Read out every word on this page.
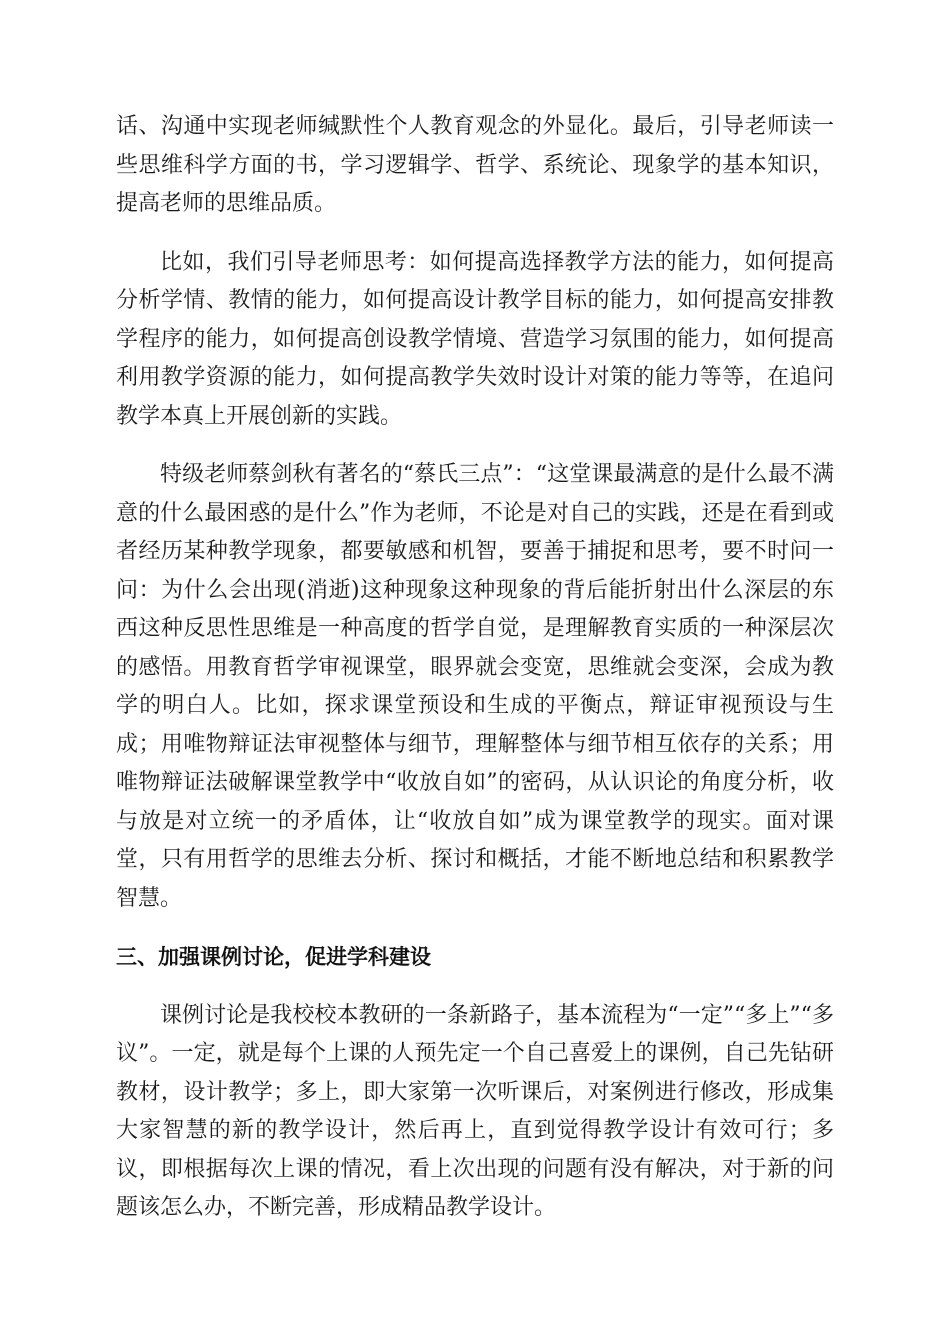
话、沟通中实现老师缄默性个人教育观念的外显化。最后，引导老师读一些思维科学方面的书，学习逻辑学、哲学、系统论、现象学的基本知识，提高老师的思维品质。

比如，我们引导老师思考：如何提高选择教学方法的能力，如何提高分析学情、教情的能力，如何提高设计教学目标的能力，如何提高安排教学程序的能力，如何提高创设教学情境、营造学习氛围的能力，如何提高利用教学资源的能力，如何提高教学失效时设计对策的能力等等，在追问教学本真上开展创新的实践。

特级老师蔡剑秋有著名的“蔡氏三点”：“这堂课最满意的是什么最不满意的什么最困惑的是什么”作为老师，不论是对自己的实践，还是在看到或者经历某种教学现象，都要敏感和机智，要善于捕捉和思考，要不时问一问：为什么会出现(消逝)这种现象这种现象的背后能折射出什么深层的东西这种反思性思维是一种高度的哲学自觉，是理解教育实质的一种深层次的感悟。用教育哲学审视课堂，眼界就会变宽，思维就会变深，会成为教学的明白人。比如，探求课堂预设和生成的平衡点，辩证审视预设与生成；用唯物辩证法审视整体与细节，理解整体与细节相互依存的关系；用唯物辩证法破解课堂教学中“收放自如”的密码，从认识论的角度分析，收与放是对立统一的矛盾体，让“收放自如”成为课堂教学的现实。面对课堂，只有用哲学的思维去分析、探讨和概括，才能不断地总结和积累教学智慧。

三、加强课例讨论，促进学科建设

课例讨论是我校校本教研的一条新路子，基本流程为“一定”“多上”“多议”。一定，就是每个上课的人预先定一个自己喜爱上的课例，自己先钻研教材，设计教学；多上，即大家第一次听课后，对案例进行修改，形成集大家智慧的新的教学设计，然后再上，直到觉得教学设计有效可行；多议，即根据每次上课的情况，看上次出现的问题有没有解决，对于新的问题该怎么办，不断完善，形成精品教学设计。
